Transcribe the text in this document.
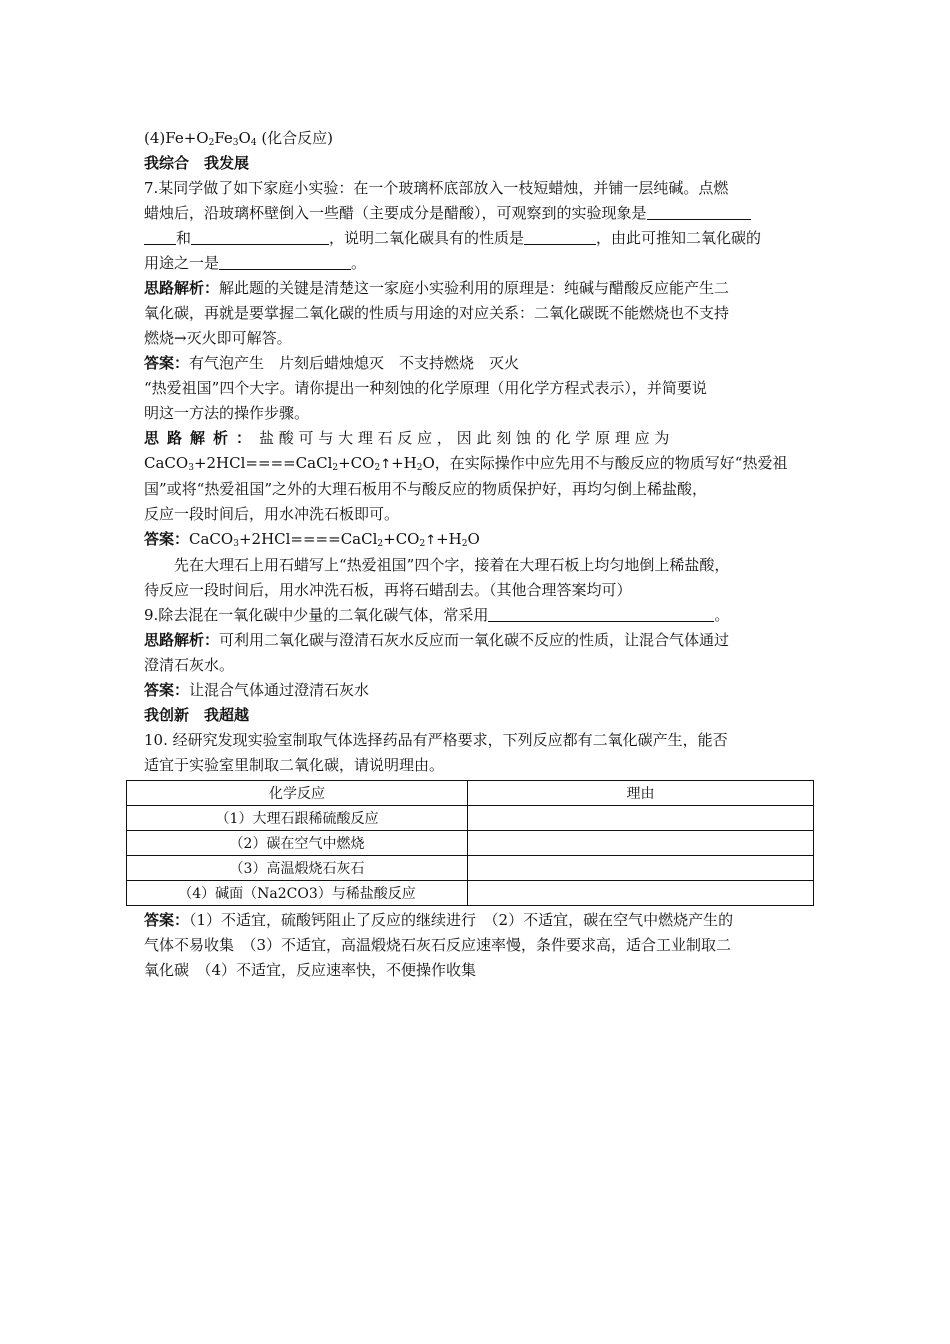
$(4)Fe+O_2Fe_3O_4$ (化合反应)
我综合　我发展
7.某同学做了如下家庭小实验：在一个玻璃杯底部放入一枝短蜡烛，并铺一层纯碱。点燃
蜡烛后，沿玻璃杯壁倒入一些醋（主要成分是醋酸），可观察到的实验现象是
和	，说明二氧化碳具有的性质是	，由此可推知二氧化碳的
用途之一是	。
思路解析：解此题的关键是清楚这一家庭小实验利用的原理是：纯碱与醋酸反应能产生二
氧化碳，再就是要掌握二氧化碳的性质与用途的对应关系：二氧化碳既不能燃烧也不支持
燃烧→灭火即可解答。
答案：有气泡产生　片刻后蜡烛熄灭　不支持燃烧　灭火
“热爱祖国”四个大字。请你提出一种刻蚀的化学原理（用化学方程式表示），并简要说
明这一方法的操作步骤。
思路解析：盐 酸 可 与 大 理 石 反 应 ， 因 此 刻 蚀 的 化 学 原 理 应 为
$CaCO_3+2HCl====CaCl_2+CO_2↑+H_2O$，在实际操作中应先用不与酸反应的物质写好“热爱祖
国”或将“热爱祖国”之外的大理石板用不与酸反应的物质保护好，再均匀倒上稀盐酸，
反应一段时间后，用水冲洗石板即可。
答案：$CaCO_3+2HCl====CaCl_2+CO_2↑+H_2O$
先在大理石上用石蜡写上“热爱祖国”四个字，接着在大理石板上均匀地倒上稀盐酸，
待反应一段时间后，用水冲洗石板，再将石蜡刮去。（其他合理答案均可）
9.除去混在一氧化碳中少量的二氧化碳气体，常采用	。
思路解析：可利用二氧化碳与澄清石灰水反应而一氧化碳不反应的性质，让混合气体通过
澄清石灰水。
答案：让混合气体通过澄清石灰水
我创新　我超越
10. 经研究发现实验室制取气体选择药品有严格要求，下列反应都有二氧化碳产生，能否
适宜于实验室里制取二氧化碳，请说明理由。
化学反应	理由
（1）大理石跟稀硫酸反应	
（2）碳在空气中燃烧	
（3）高温煅烧石灰石	
（4）碱面（Na2CO3）与稀盐酸反应	
答案：（1）不适宜，硫酸钙阻止了反应的继续进行　（2）不适宜，碳在空气中燃烧产生的
气体不易收集　（3）不适宜，高温煅烧石灰石反应速率慢，条件要求高，适合工业制取二
氧化碳　（4）不适宜，反应速率快，不便操作收集
